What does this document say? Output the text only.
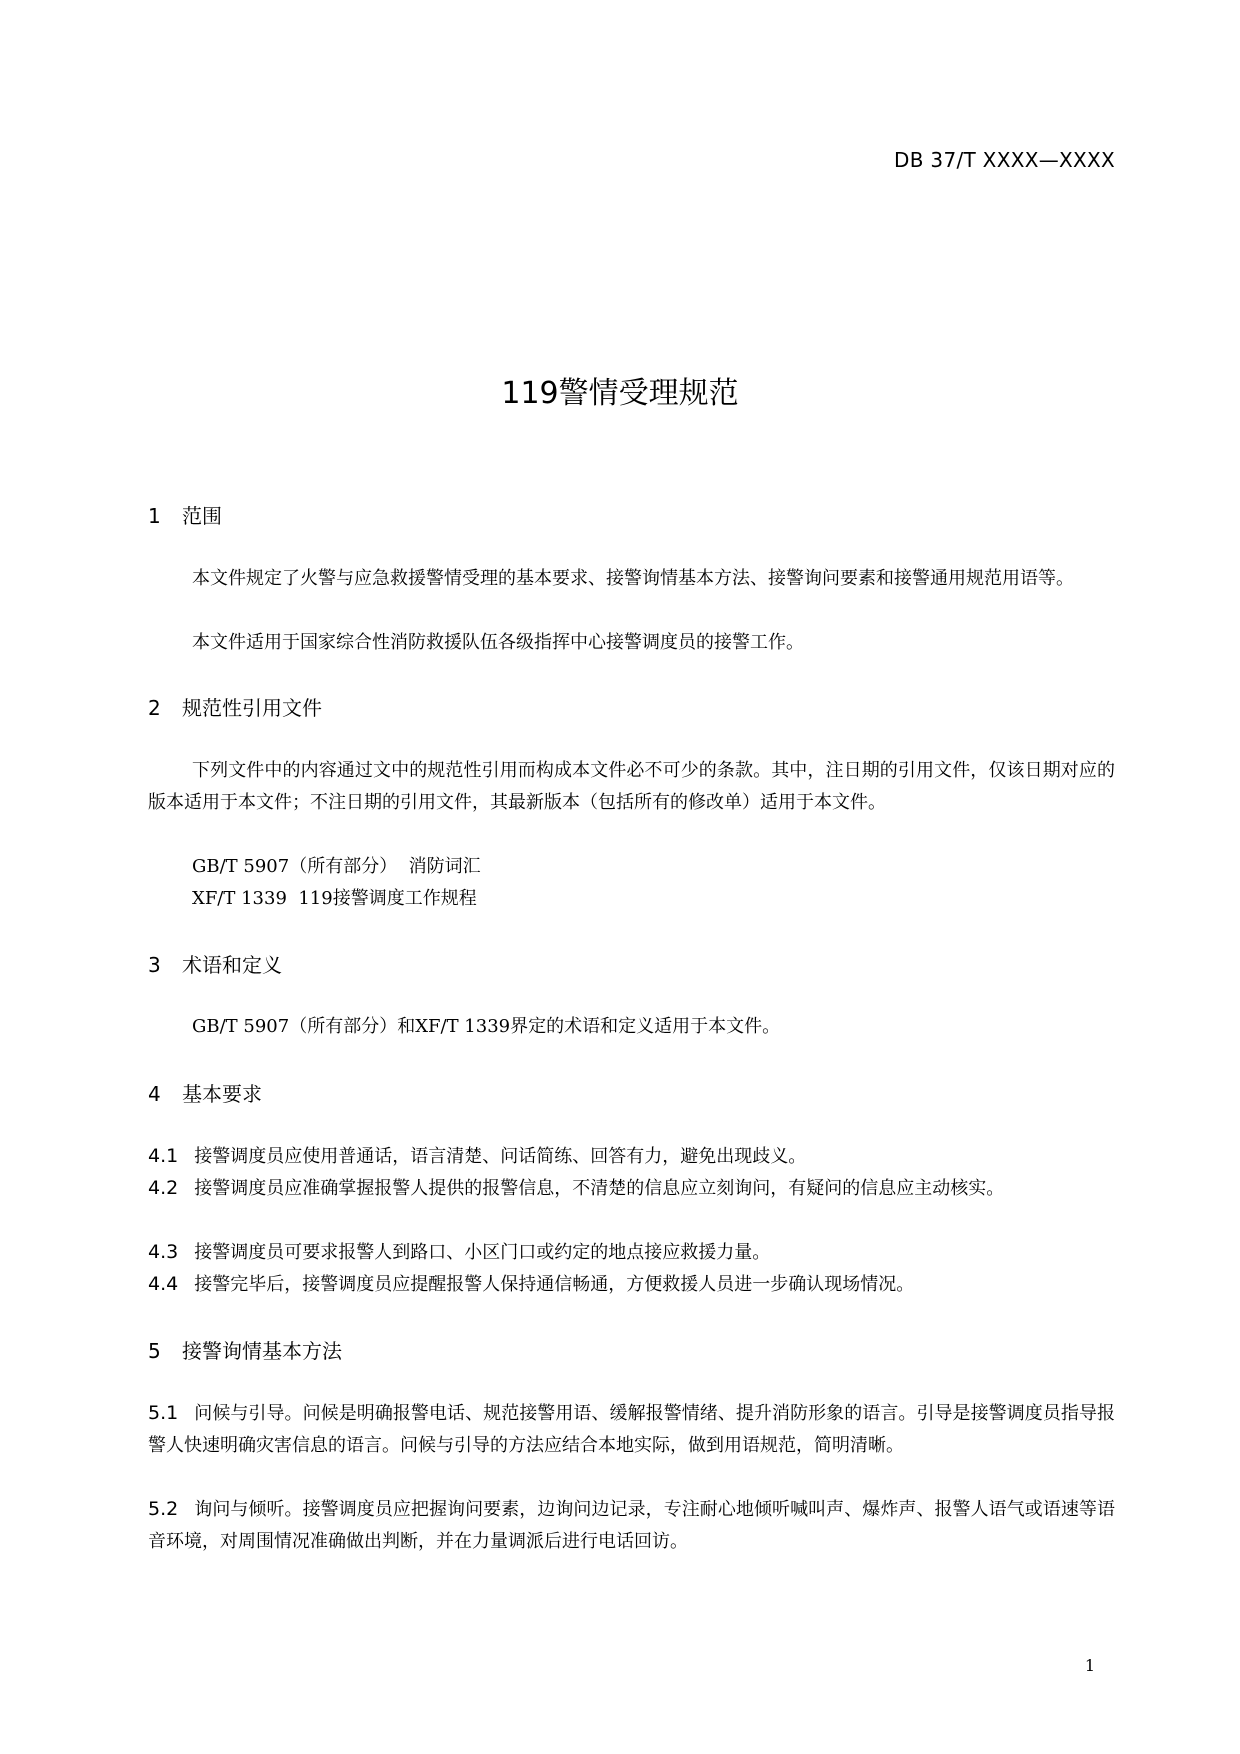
DB 37/T XXXX—XXXX
119警情受理规范
1 范围
本文件规定了火警与应急救援警情受理的基本要求、接警询情基本方法、接警询问要素和接警通用规范用语等。
本文件适用于国家综合性消防救援队伍各级指挥中心接警调度员的接警工作。
2 规范性引用文件
下列文件中的内容通过文中的规范性引用而构成本文件必不可少的条款。其中，注日期的引用文件，仅该日期对应的版本适用于本文件；不注日期的引用文件，其最新版本（包括所有的修改单）适用于本文件。
GB/T 5907（所有部分）  消防词汇
XF/T 1339  119接警调度工作规程
3 术语和定义
GB/T 5907（所有部分）和XF/T 1339界定的术语和定义适用于本文件。
4 基本要求
4.1 接警调度员应使用普通话，语言清楚、问话简练、回答有力，避免出现歧义。
4.2 接警调度员应准确掌握报警人提供的报警信息，不清楚的信息应立刻询问，有疑问的信息应主动核实。
4.3 接警调度员可要求报警人到路口、小区门口或约定的地点接应救援力量。
4.4 接警完毕后，接警调度员应提醒报警人保持通信畅通，方便救援人员进一步确认现场情况。
5 接警询情基本方法
5.1 问候与引导。问候是明确报警电话、规范接警用语、缓解报警情绪、提升消防形象的语言。引导是接警调度员指导报警人快速明确灾害信息的语言。问候与引导的方法应结合本地实际，做到用语规范，简明清晰。
5.2 询问与倾听。接警调度员应把握询问要素，边询问边记录，专注耐心地倾听喊叫声、爆炸声、报警人语气或语速等语音环境，对周围情况准确做出判断，并在力量调派后进行电话回访。
1
